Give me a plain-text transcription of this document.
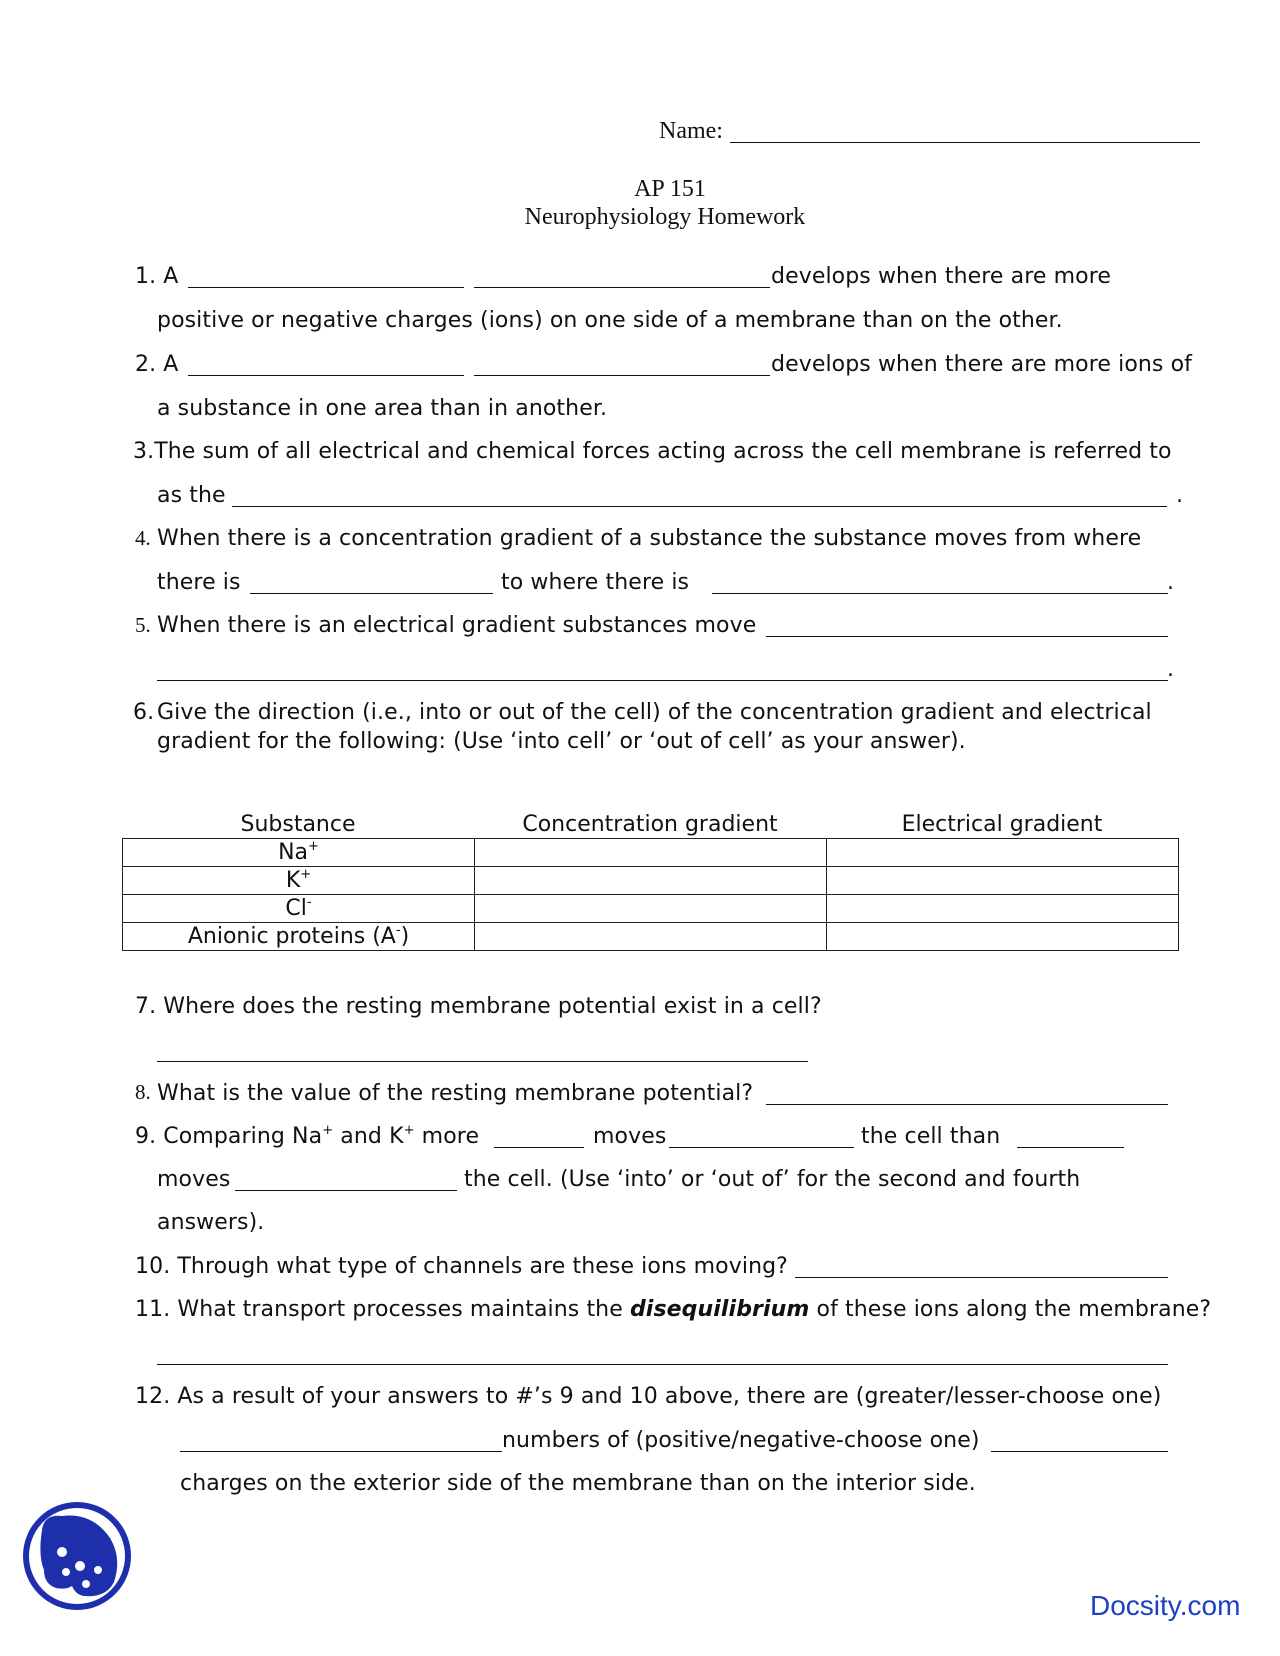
Name:
AP 151
Neurophysiology Homework
1. A	develops when there are more
positive or negative charges (ions) on one side of a membrane than on the other.
2. A	develops when there are more ions of
a substance in one area than in another.
3.The sum of all electrical and chemical forces acting across the cell membrane is referred to
as the	.
4. When there is a concentration gradient of a substance the substance moves from where
there is	to where there is	.
5. When there is an electrical gradient substances move
.
6. Give the direction (i.e., into or out of the cell) of the concentration gradient and electrical
gradient for the following: (Use ‘into cell’ or ‘out of cell’ as your answer).
Substance	Concentration gradient	Electrical gradient
Na+		
K+		
Cl-		
Anionic proteins (A-)		
7. Where does the resting membrane potential exist in a cell?
8. What is the value of the resting membrane potential?
9. Comparing Na+ and K+ more	moves	the cell than
moves	the cell. (Use ‘into’ or ‘out of’ for the second and fourth
answers).
10. Through what type of channels are these ions moving?
11. What transport processes maintains the disequilibrium of these ions along the membrane?
12. As a result of your answers to #’s 9 and 10 above, there are (greater/lesser-choose one)
numbers of (positive/negative-choose one)
charges on the exterior side of the membrane than on the interior side.
Docsity.com
